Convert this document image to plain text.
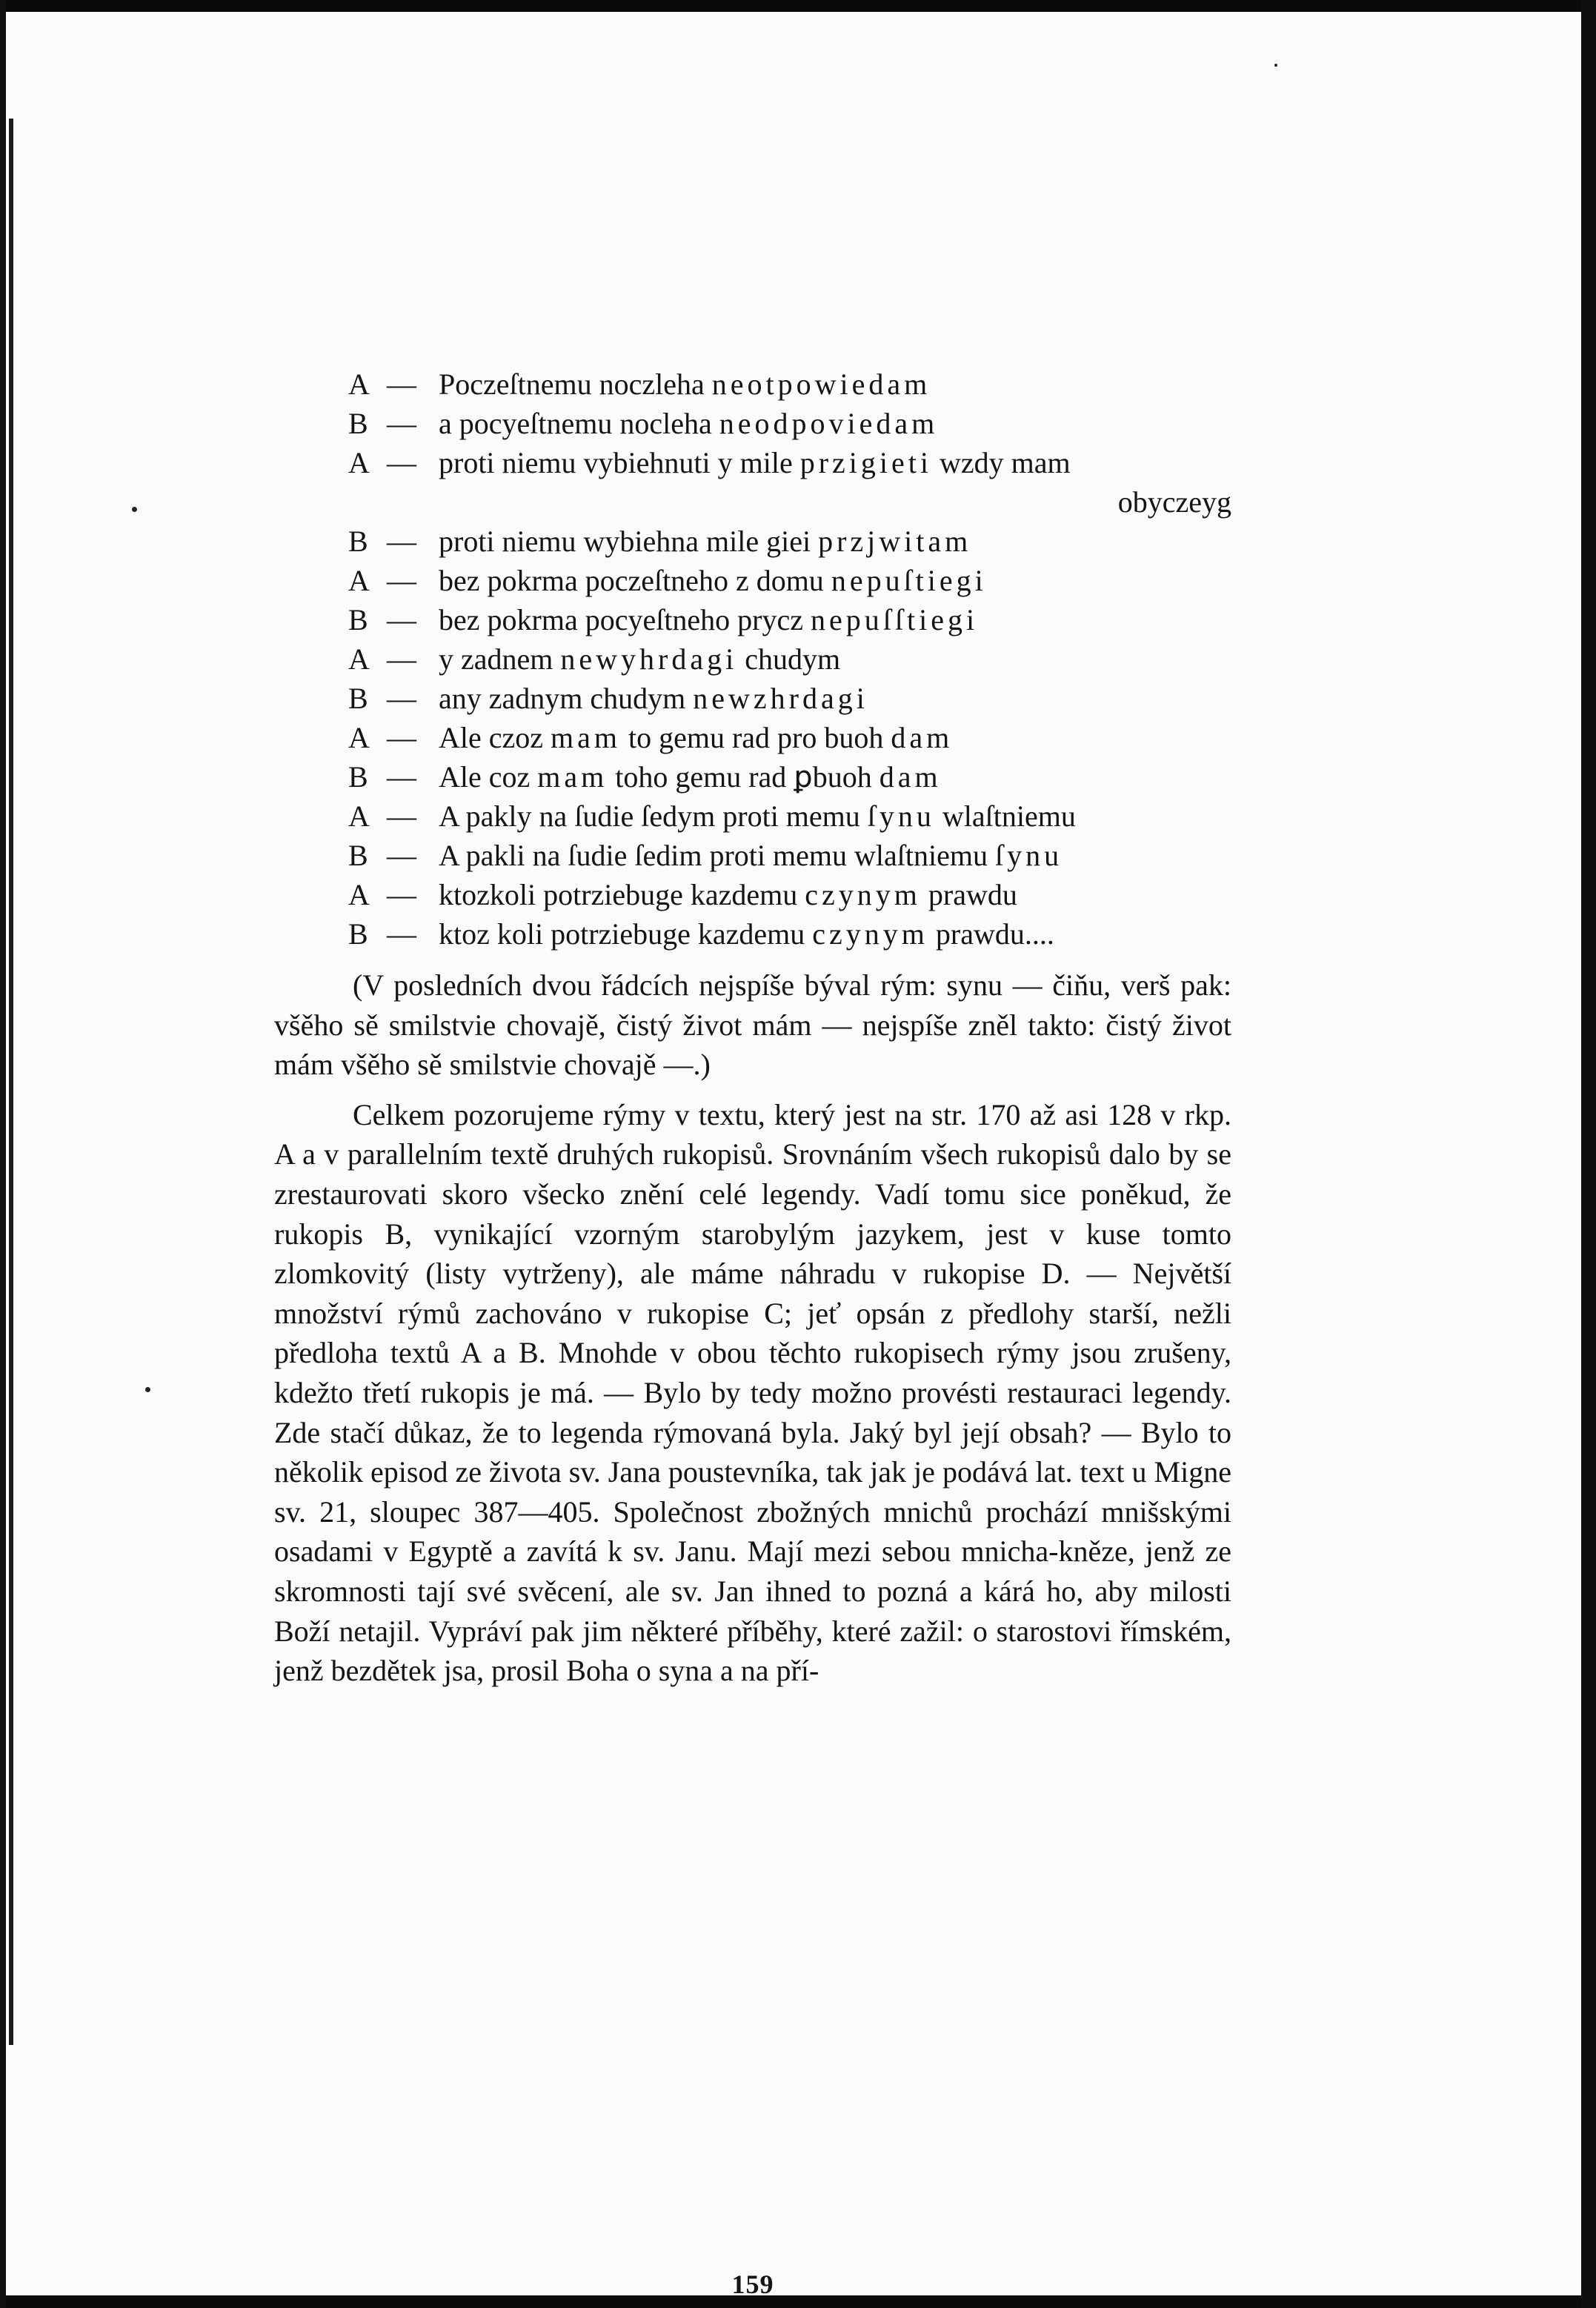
A — Poczeſtnemu noczleha neotpowiedam
B — a pocyeſtnemu nocleha neodpoviedam
A — proti niemu vybiehnuti y mile przigieti wzdy mam
obyczeyg
B — proti niemu wybiehna mile giei przjwitam
A — bez pokrma poczeſtneho z domu nepuſtiegi
B — bez pokrma pocyeſtneho prycz nepuſſtiegi
A — y zadnem newyhrdagi chudym
B — any zadnym chudym newzhrdagi
A — Ale czoz mam to gemu rad pro buoh dam
B — Ale coz mam toho gemu rad ꝑbuoh dam
A — A pakly na ſudie ſedym proti memu ſynu wlaſtniemu
B — A pakli na ſudie ſedim proti memu wlaſtniemu ſynu
A — ktozkoli potrziebuge kazdemu czynym prawdu
B — ktoz koli potrziebuge kazdemu czynym prawdu....

(V posledních dvou řádcích nejspíše býval rým: synu — čiňu, verš pak: všěho sě smilstvie chovajě, čistý život mám — nejspíše zněl takto: čistý život mám všěho sě smilstvie chovajě —.)

Celkem pozorujeme rýmy v textu, který jest na str. 170 až asi 128 v rkp. A a v parallelním textě druhých rukopisů. Srovnáním všech rukopisů dalo by se zrestaurovati skoro všecko znění celé legendy. Vadí tomu sice poněkud, že rukopis B, vynikající vzorným starobylým jazykem, jest v kuse tomto zlomkovitý (listy vytrženy), ale máme náhradu v rukopise D. — Největší množství rýmů zachováno v rukopise C; jeť opsán z předlohy starší, nežli předloha textů A a B. Mnohde v obou těchto rukopisech rýmy jsou zrušeny, kdežto třetí rukopis je má. — Bylo by tedy možno provésti restauraci legendy. Zde stačí důkaz, že to legenda rýmovaná byla. Jaký byl její obsah? — Bylo to několik episod ze života sv. Jana poustevníka, tak jak je podává lat. text u Migne sv. 21, sloupec 387—405. Společnost zbožných mnichů prochází mnišskými osadami v Egyptě a zavítá k sv. Janu. Mají mezi sebou mnicha-kněze, jenž ze skromnosti tají své svěcení, ale sv. Jan ihned to pozná a kárá ho, aby milosti Boží netajil. Vypráví pak jim některé příběhy, které zažil: o starostovi římském, jenž bezdětek jsa, prosil Boha o syna a na pří-

159
